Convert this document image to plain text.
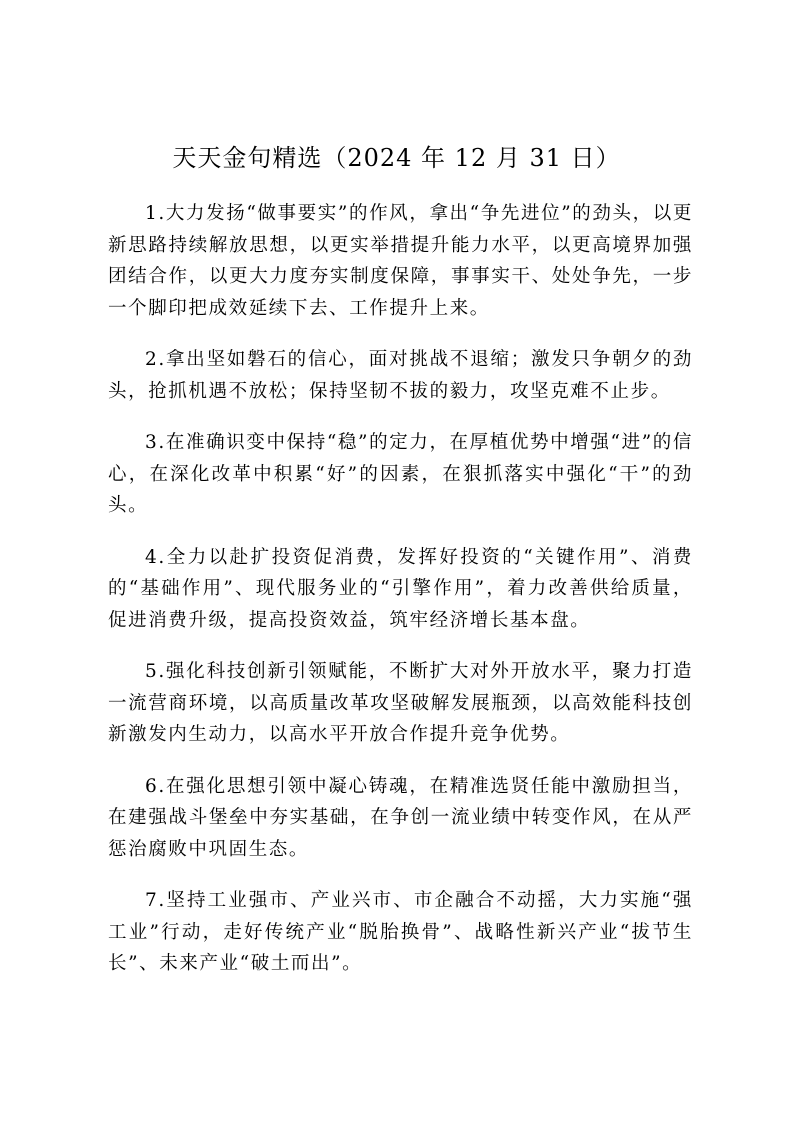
天天金句精选（2024 年 12 月 31 日）

1.大力发扬“做事要实”的作风，拿出“争先进位”的劲头，以更新思路持续解放思想，以更实举措提升能力水平，以更高境界加强团结合作，以更大力度夯实制度保障，事事实干、处处争先，一步一个脚印把成效延续下去、工作提升上来。

2.拿出坚如磐石的信心，面对挑战不退缩；激发只争朝夕的劲头，抢抓机遇不放松；保持坚韧不拔的毅力，攻坚克难不止步。

3.在准确识变中保持“稳”的定力，在厚植优势中增强“进”的信心，在深化改革中积累“好”的因素，在狠抓落实中强化“干”的劲头。

4.全力以赴扩投资促消费，发挥好投资的“关键作用”、消费的“基础作用”、现代服务业的“引擎作用”，着力改善供给质量，促进消费升级，提高投资效益，筑牢经济增长基本盘。

5.强化科技创新引领赋能，不断扩大对外开放水平，聚力打造一流营商环境，以高质量改革攻坚破解发展瓶颈，以高效能科技创新激发内生动力，以高水平开放合作提升竞争优势。

6.在强化思想引领中凝心铸魂，在精准选贤任能中激励担当，在建强战斗堡垒中夯实基础，在争创一流业绩中转变作风，在从严惩治腐败中巩固生态。

7.坚持工业强市、产业兴市、市企融合不动摇，大力实施“强工业”行动，走好传统产业“脱胎换骨”、战略性新兴产业“拔节生长”、未来产业“破土而出”。
